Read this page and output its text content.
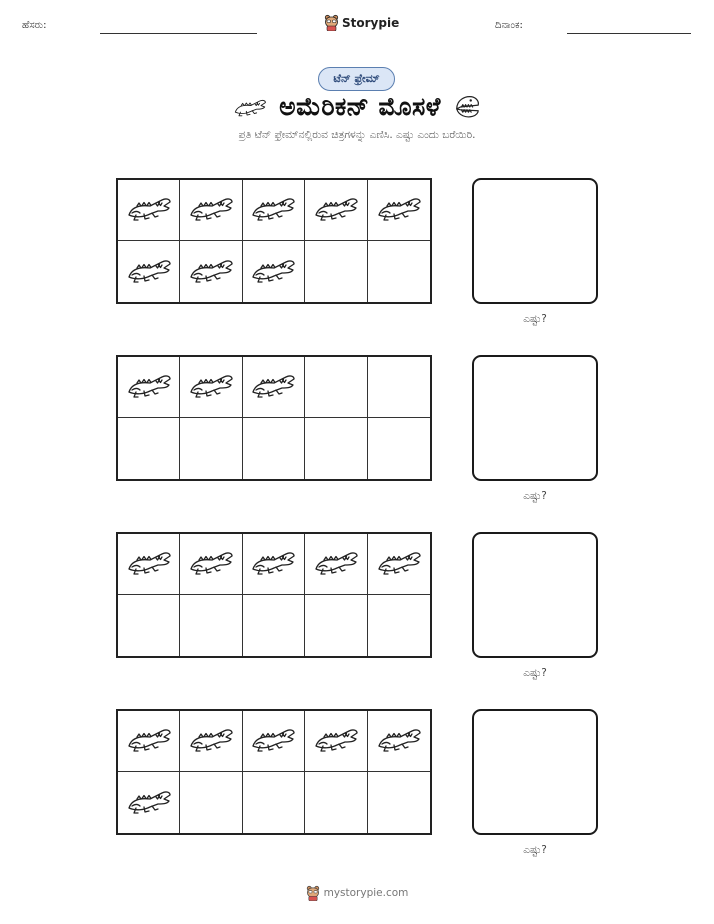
ಹೆಸರು:	Storypie	ದಿನಾಂಕ:
ಟೆನ್ ಫ್ರೇಮ್
ಅಮೆರಿಕನ್ ಮೊಸಳೆ
ಪ್ರತಿ ಟೆನ್ ಫ್ರೇಮ್‌ನಲ್ಲಿರುವ ಚಿತ್ರಗಳನ್ನು ಎಣಿಸಿ. ಎಷ್ಟು ಎಂದು ಬರೆಯಿರಿ.
ಎಷ್ಟು?
ಎಷ್ಟು?
ಎಷ್ಟು?
ಎಷ್ಟು?
mystorypie.com
